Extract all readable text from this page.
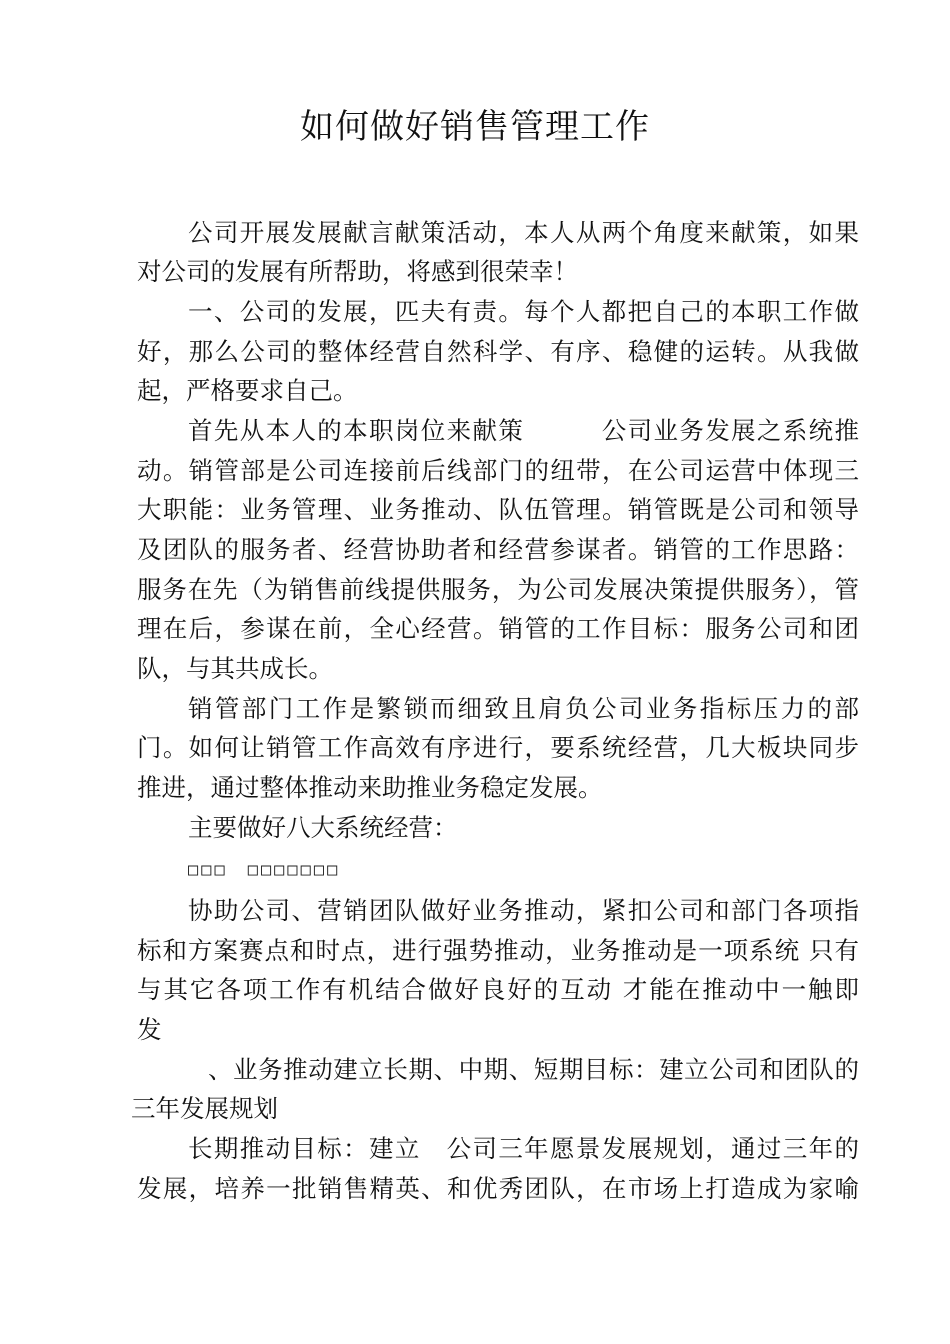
如何做好销售管理工作
公司开展发展献言献策活动，本人从两个角度来献策，如果
对公司的发展有所帮助，将感到很荣幸！
一、公司的发展，匹夫有责。每个人都把自己的本职工作做
好，那么公司的整体经营自然科学、有序、稳健的运转。从我做
起，严格要求自己。
首先从本人的本职岗位来献策　　　公司业务发展之系统推
动。销管部是公司连接前后线部门的纽带，在公司运营中体现三
大职能：业务管理、业务推动、队伍管理。销管既是公司和领导
及团队的服务者、经营协助者和经营参谋者。销管的工作思路：
服务在先（为销售前线提供服务，为公司发展决策提供服务），管
理在后，参谋在前，全心经营。销管的工作目标：服务公司和团
队，与其共成长。
销管部门工作是繁锁而细致且肩负公司业务指标压力的部
门。如何让销管工作高效有序进行，要系统经营，几大板块同步
推进，通过整体推动来助推业务稳定发展。
主要做好八大系统经营：
□□□　□□□□□□□
协助公司、营销团队做好业务推动，紧扣公司和部门各项指
标和方案赛点和时点，进行强势推动，业务推动是一项系统 只有
与其它各项工作有机结合做好良好的互动 才能在推动中一触即
发
、业务推动建立长期、中期、短期目标：建立公司和团队的
三年发展规划
长期推动目标：建立　公司三年愿景发展规划，通过三年的
发展，培养一批销售精英、和优秀团队，在市场上打造成为家喻
